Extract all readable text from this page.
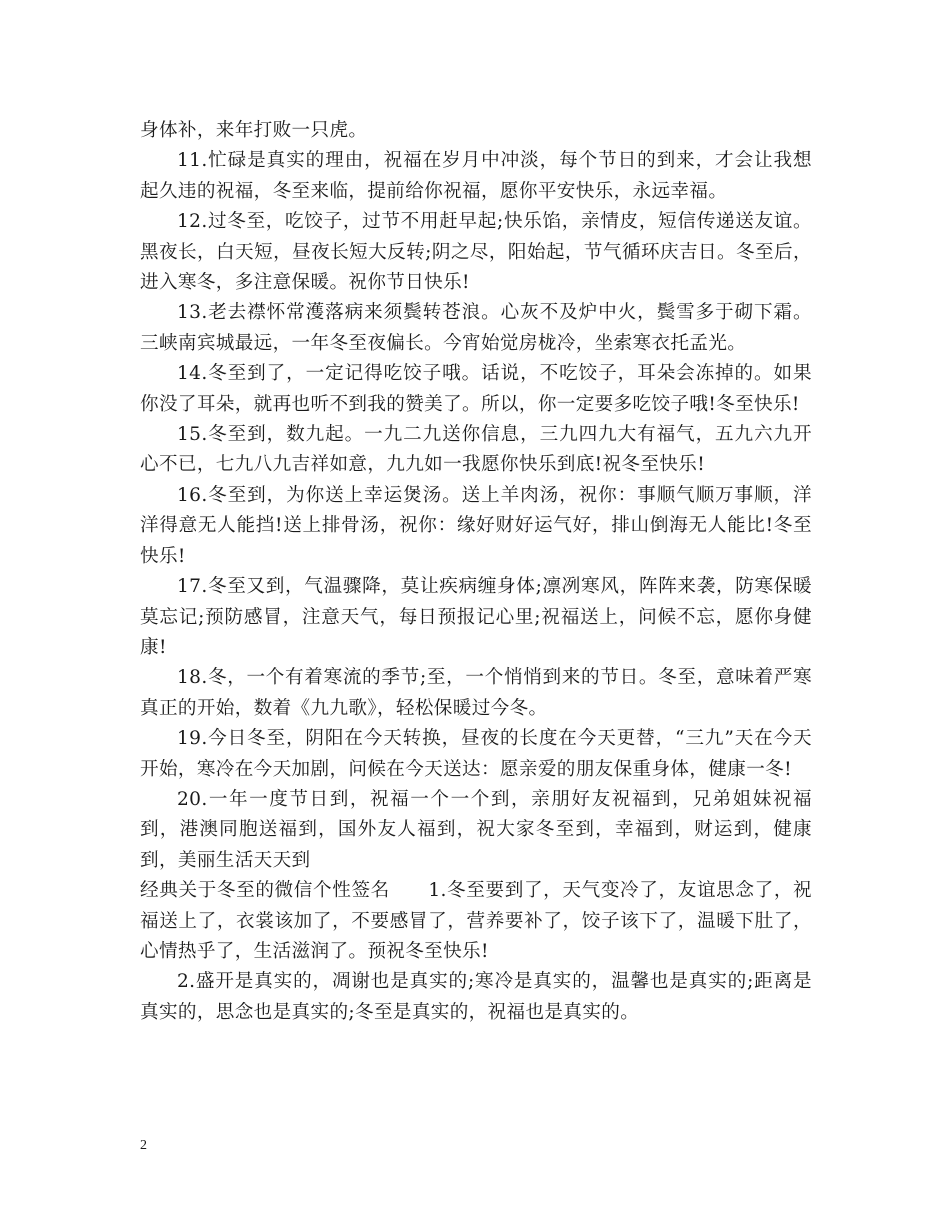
身体补，来年打败一只虎。

11.忙碌是真实的理由，祝福在岁月中冲淡，每个节日的到来，才会让我想起久违的祝福，冬至来临，提前给你祝福，愿你平安快乐，永远幸福。

12.过冬至，吃饺子，过节不用赶早起;快乐馅，亲情皮，短信传递送友谊。黑夜长，白天短，昼夜长短大反转;阴之尽，阳始起，节气循环庆吉日。冬至后，进入寒冬，多注意保暖。祝你节日快乐!

13.老去襟怀常濩落病来须鬓转苍浪。心灰不及炉中火，鬓雪多于砌下霜。三峡南宾城最远，一年冬至夜偏长。今宵始觉房栊冷，坐索寒衣托孟光。

14.冬至到了，一定记得吃饺子哦。话说，不吃饺子，耳朵会冻掉的。如果你没了耳朵，就再也听不到我的赞美了。所以，你一定要多吃饺子哦!冬至快乐!

15.冬至到，数九起。一九二九送你信息，三九四九大有福气，五九六九开心不已，七九八九吉祥如意，九九如一我愿你快乐到底!祝冬至快乐!

16.冬至到，为你送上幸运煲汤。送上羊肉汤，祝你：事顺气顺万事顺，洋洋得意无人能挡!送上排骨汤，祝你：缘好财好运气好，排山倒海无人能比!冬至快乐!

17.冬至又到，气温骤降，莫让疾病缠身体;凛冽寒风，阵阵来袭，防寒保暖莫忘记;预防感冒，注意天气，每日预报记心里;祝福送上，问候不忘，愿你身健康!

18.冬，一个有着寒流的季节;至，一个悄悄到来的节日。冬至，意味着严寒真正的开始，数着《九九歌》，轻松保暖过今冬。

19.今日冬至，阴阳在今天转换，昼夜的长度在今天更替，“三九”天在今天开始，寒冷在今天加剧，问候在今天送达：愿亲爱的朋友保重身体，健康一冬!

20.一年一度节日到，祝福一个一个到，亲朋好友祝福到，兄弟姐妹祝福到，港澳同胞送福到，国外友人福到，祝大家冬至到，幸福到，财运到，健康到，美丽生活天天到

经典关于冬至的微信个性签名　　1.冬至要到了，天气变冷了，友谊思念了，祝福送上了，衣裳该加了，不要感冒了，营养要补了，饺子该下了，温暖下肚了，心情热乎了，生活滋润了。预祝冬至快乐!

2.盛开是真实的，凋谢也是真实的;寒冷是真实的，温馨也是真实的;距离是真实的，思念也是真实的;冬至是真实的，祝福也是真实的。

2
